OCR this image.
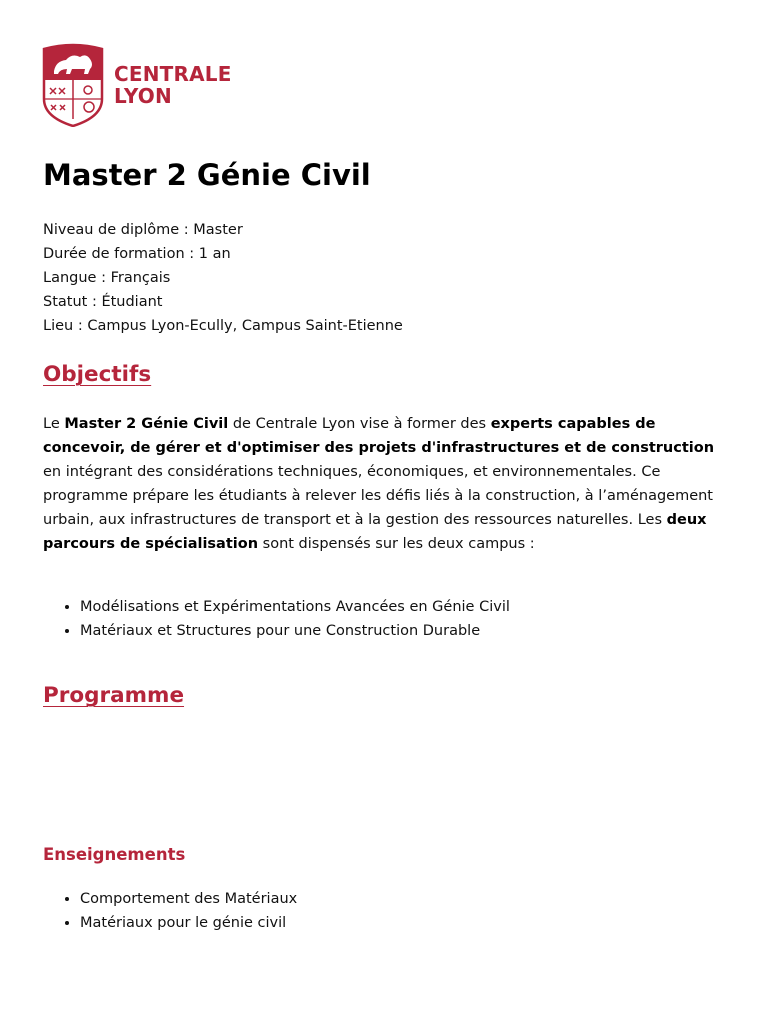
CENTRALE
LYON
Master 2 Génie Civil
Niveau de diplôme : Master
Durée de formation : 1 an
Langue : Français
Statut : Étudiant
Lieu : Campus Lyon-Ecully, Campus Saint-Etienne
Objectifs

Le Master 2 Génie Civil de Centrale Lyon vise à former des experts capables de concevoir, de gérer et d'optimiser des projets d'infrastructures et de construction en intégrant des considérations techniques, économiques, et environnementales. Ce programme prépare les étudiants à relever les défis liés à la construction, à l’aménagement urbain, aux infrastructures de transport et à la gestion des ressources naturelles. Les deux parcours de spécialisation sont dispensés sur les deux campus :

• Modélisations et Expérimentations Avancées en Génie Civil
• Matériaux et Structures pour une Construction Durable
Programme
Enseignements
• Comportement des Matériaux
• Matériaux pour le génie civil
